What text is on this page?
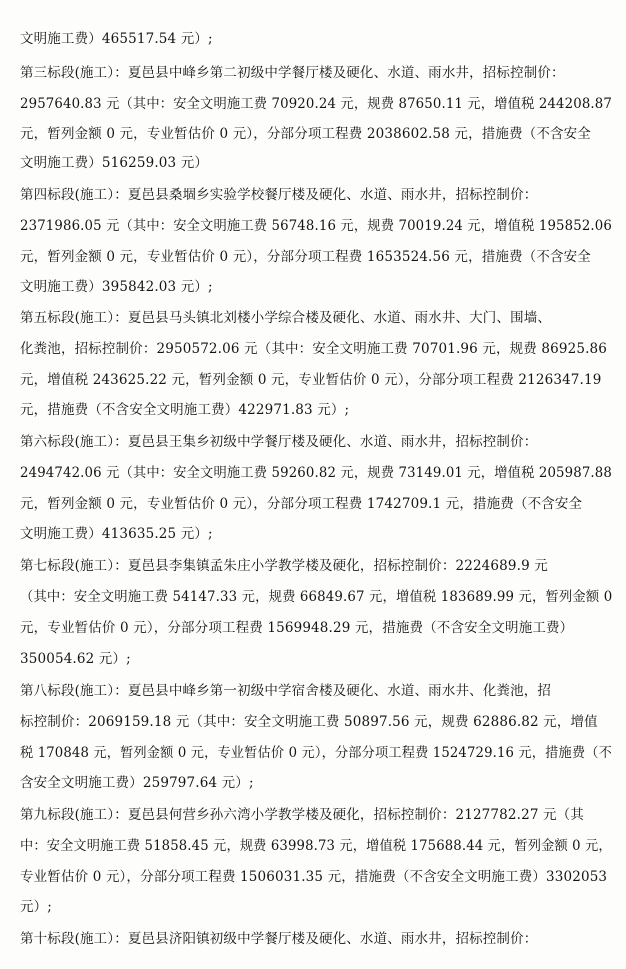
文明施工费）465517.54 元）;
第三标段(施工）：夏邑县中峰乡第二初级中学餐厅楼及硬化、水道、雨水井，招标控制价：
2957640.83 元（其中：安全文明施工费 70920.24 元，规费 87650.11 元，增值税 244208.87
元，暂列金额 0 元，专业暂估价 0 元），分部分项工程费 2038602.58 元，措施费（不含安全
文明施工费）516259.03 元）
第四标段(施工）：夏邑县桑堌乡实验学校餐厅楼及硬化、水道、雨水井，招标控制价：
2371986.05 元（其中：安全文明施工费 56748.16 元，规费 70019.24 元，增值税 195852.06
元，暂列金额 0 元，专业暂估价 0 元），分部分项工程费 1653524.56 元，措施费（不含安全
文明施工费）395842.03 元）;
第五标段(施工）：夏邑县马头镇北刘楼小学综合楼及硬化、水道、雨水井、大门、围墙、
化粪池，招标控制价：2950572.06 元（其中：安全文明施工费 70701.96 元，规费 86925.86
元，增值税 243625.22 元，暂列金额 0 元，专业暂估价 0 元），分部分项工程费 2126347.19
元，措施费（不含安全文明施工费）422971.83 元）;
第六标段(施工）：夏邑县王集乡初级中学餐厅楼及硬化、水道、雨水井，招标控制价：
2494742.06 元（其中：安全文明施工费 59260.82 元，规费 73149.01 元，增值税 205987.88
元，暂列金额 0 元，专业暂估价 0 元），分部分项工程费 1742709.1 元，措施费（不含安全
文明施工费）413635.25 元）;
第七标段(施工）：夏邑县李集镇孟朱庄小学教学楼及硬化，招标控制价：2224689.9 元
（其中：安全文明施工费 54147.33 元，规费 66849.67 元，增值税 183689.99 元，暂列金额 0
元，专业暂估价 0 元），分部分项工程费 1569948.29 元，措施费（不含安全文明施工费）
350054.62 元）;
第八标段(施工）：夏邑县中峰乡第一初级中学宿舍楼及硬化、水道、雨水井、化粪池，招
标控制价：2069159.18 元（其中：安全文明施工费 50897.56 元，规费 62886.82 元，增值
税 170848 元，暂列金额 0 元，专业暂估价 0 元），分部分项工程费 1524729.16 元，措施费（不
含安全文明施工费）259797.64 元）;
第九标段(施工）：夏邑县何营乡孙六湾小学教学楼及硬化，招标控制价：2127782.27 元（其
中：安全文明施工费 51858.45 元，规费 63998.73 元，增值税 175688.44 元，暂列金额 0 元，
专业暂估价 0 元），分部分项工程费 1506031.35 元，措施费（不含安全文明施工费）3302053
元）;
第十标段(施工）：夏邑县济阳镇初级中学餐厅楼及硬化、水道、雨水井，招标控制价：
